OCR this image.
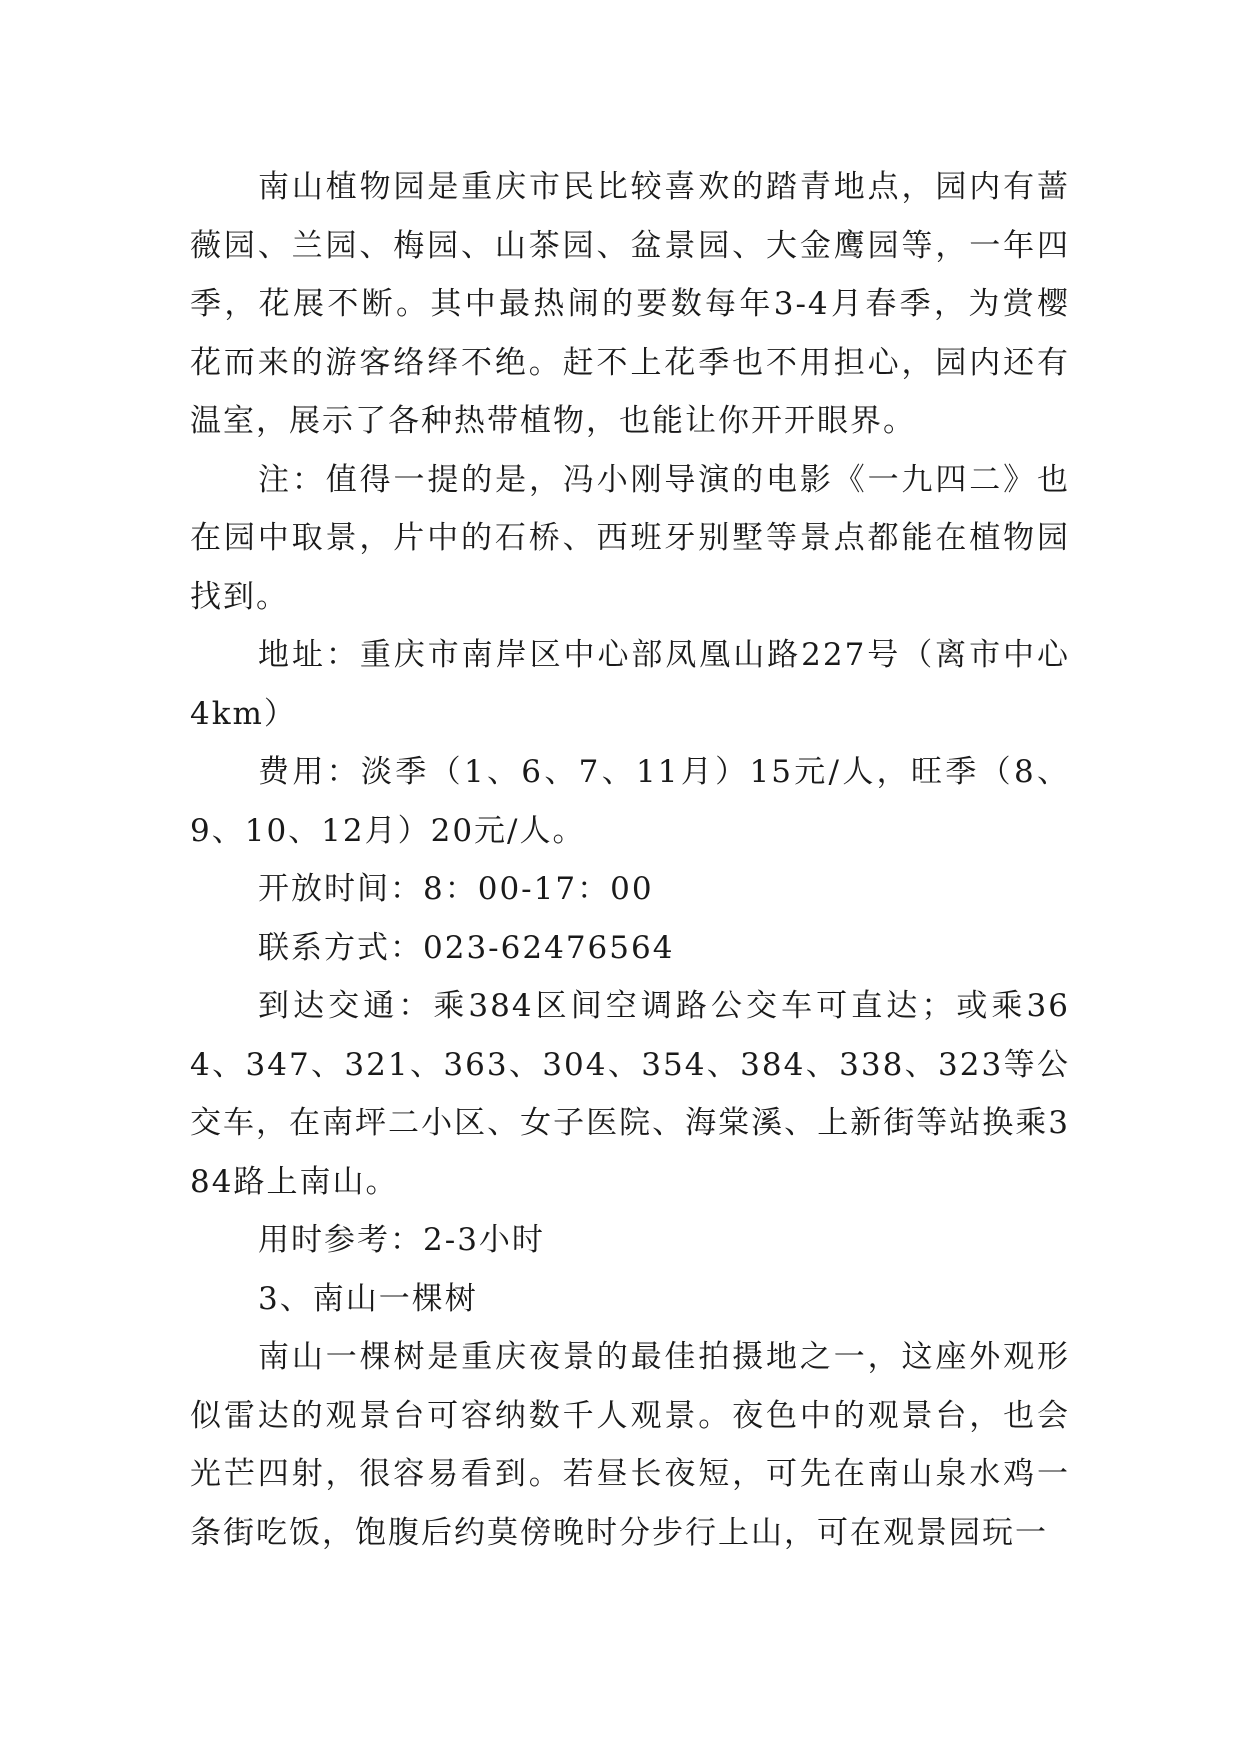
南山植物园是重庆市民比较喜欢的踏青地点，园内有蔷薇园、兰园、梅园、山茶园、盆景园、大金鹰园等，一年四季，花展不断。其中最热闹的要数每年3-4月春季，为赏樱花而来的游客络绎不绝。赶不上花季也不用担心，园内还有温室，展示了各种热带植物，也能让你开开眼界。

注：值得一提的是，冯小刚导演的电影《一九四二》也在园中取景，片中的石桥、西班牙别墅等景点都能在植物园找到。

地址：重庆市南岸区中心部凤凰山路227号（离市中心4km）

费用：淡季（1、6、7、11月）15元/人，旺季（8、9、10、12月）20元/人。

开放时间：8：00-17：00

联系方式：023-62476564

到达交通：乘384区间空调路公交车可直达；或乘364、347、321、363、304、354、384、338、323等公交车，在南坪二小区、女子医院、海棠溪、上新街等站换乘384路上南山。

用时参考：2-3小时

3、南山一棵树

南山一棵树是重庆夜景的最佳拍摄地之一，这座外观形似雷达的观景台可容纳数千人观景。夜色中的观景台，也会光芒四射，很容易看到。若昼长夜短，可先在南山泉水鸡一条街吃饭，饱腹后约莫傍晚时分步行上山，可在观景园玩一
